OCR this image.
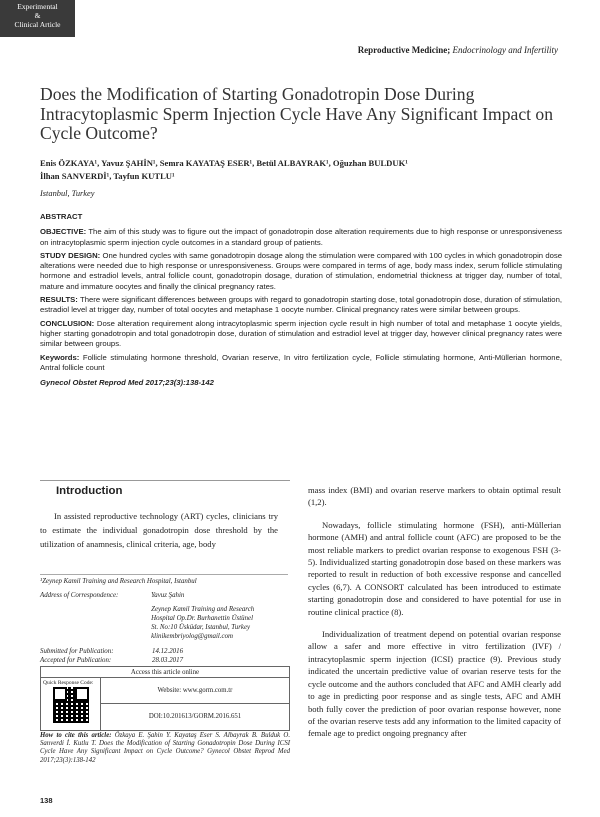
Experimental
&
Clinical Article
Reproductive Medicine; Endocrinology and Infertility
Does the Modification of Starting Gonadotropin Dose During Intracytoplasmic Sperm Injection Cycle Have Any Significant Impact on Cycle Outcome?
Enis ÖZKAYA¹, Yavuz ŞAHİN¹, Semra KAYATAŞ ESER¹, Betül ALBAYRAK¹, Oğuzhan BULDUK¹
İlhan SANVERDİ¹, Tayfun KUTLU¹
Istanbul, Turkey
ABSTRACT

OBJECTIVE: The aim of this study was to figure out the impact of gonadotropin dose alteration requirements due to high response or unresponsiveness on intracytoplasmic sperm injection cycle outcomes in a standard group of patients.

STUDY DESIGN: One hundred cycles with same gonadotropin dosage along the stimulation were compared with 100 cycles in which gonadotropin dose alterations were needed due to high response or unresponsiveness. Groups were compared in terms of age, body mass index, serum follicle stimulating hormone and estradiol levels, antral follicle count, gonadotropin dosage, duration of stimulation, endometrial thickness at trigger day, number of total, mature and immature oocytes and finally the clinical pregnancy rates.

RESULTS: There were significant differences between groups with regard to gonadotropin starting dose, total gonadotropin dose, duration of stimulation, estradiol level at trigger day, number of total oocytes and metaphase 1 oocyte number. Clinical pregnancy rates were similar between groups.

CONCLUSION: Dose alteration requirement along intracytoplasmic sperm injection cycle result in high number of total and metaphase 1 oocyte yields, higher starting gonadotropin and total gonadotropin dose, duration of stimulation and estradiol level at trigger day, however clinical pregnancy rates were similar between groups.

Keywords: Follicle stimulating hormone threshold, Ovarian reserve, In vitro fertilization cycle, Follicle stimulating hormone, Anti-Müllerian hormone, Antral follicle count

Gynecol Obstet Reprod Med 2017;23(3):138-142
Introduction

In assisted reproductive technology (ART) cycles, clinicians try to estimate the individual gonadotropin dose threshold by the utilization of anamnesis, clinical criteria, age, body

mass index (BMI) and ovarian reserve markers to obtain optimal result (1,2).

Nowadays, follicle stimulating hormone (FSH), anti-Müllerian hormone (AMH) and antral follicle count (AFC) are proposed to be the most reliable markers to predict ovarian response to exogenous FSH (3-5). Individualized starting gonadotropin dose based on these markers was reported to result in reduction of both excessive response and cancelled cycles (6,7). A CONSORT calculated has been introduced to estimate starting gonadotropin dose and considered to have potential for use in routine clinical practice (8).

Individualization of treatment depend on potential ovarian response allow a safer and more effective in vitro fertilization (IVF) / intracytoplasmic sperm injection (ICSI) practice (9). Previous study indicated the uncertain predictive value of ovarian reserve tests for the cycle outcome and the authors concluded that AFC and AMH clearly add to age in predicting poor response and as single tests, AFC and AMH both fully cover the prediction of poor ovarian response however, none of the ovarian reserve tests add any information to the limited capacity of female age to predict ongoing pregnancy after

¹Zeynep Kamil Training and Research Hospital, Istanbul
Address of Correspondence:	Yavuz Şahin
Zeynep Kamil Training and Research
Hospital Op.Dr. Burhanettin Üstünel
St. No:10 Üsküdar, Istanbul, Turkey
klinikembriyolog@gmail.com
Submitted for Publication:	14.12.2016
Accepted for Publication:	28.03.2017
Access this article online
Quick Response Code:
Website: www.gorm.com.tr
DOI:10.201613/GORM.2016.651
How to cite this article: Özkaya E. Şahin Y. Kayataş Eser S. Albayrak B. Bulduk O. Sanverdi İ. Kutlu T. Does the Modification of Starting Gonadotropin Dose During ICSI Cycle Have Any Significant Impact on Cycle Outcome? Gynecol Obstet Reprod Med 2017;23(3):138-142
138
